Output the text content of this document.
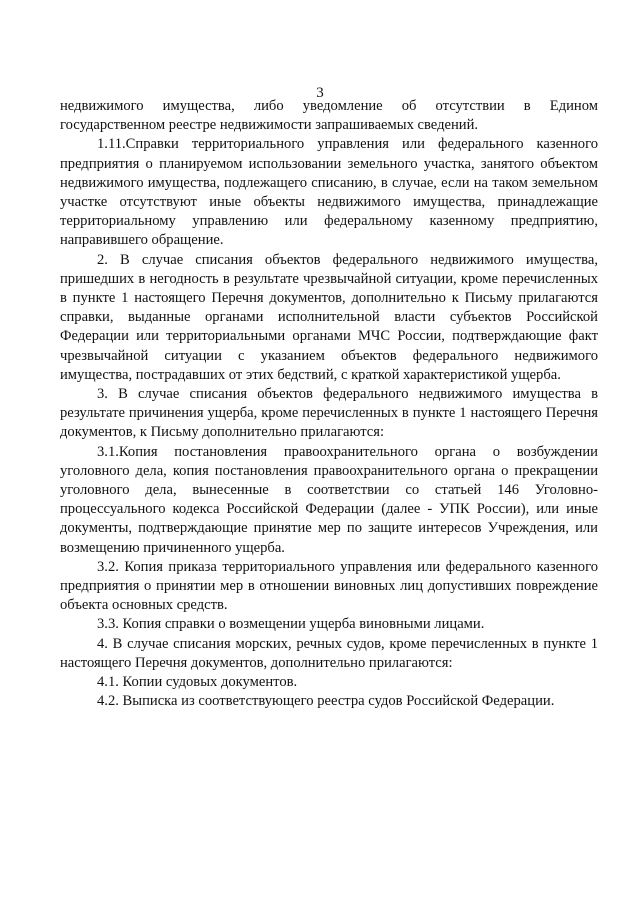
3

недвижимого имущества, либо уведомление об отсутствии в Едином государственном реестре недвижимости запрашиваемых сведений.

1.11.Справки территориального управления или федерального казенного предприятия о планируемом использовании земельного участка, занятого объектом недвижимого имущества, подлежащего списанию, в случае, если на таком земельном участке отсутствуют иные объекты недвижимого имущества, принадлежащие территориальному управлению или федеральному казенному предприятию, направившего обращение.

2. В случае списания объектов федерального недвижимого имущества, пришедших в негодность в результате чрезвычайной ситуации, кроме перечисленных в пункте 1 настоящего Перечня документов, дополнительно к Письму прилагаются справки, выданные органами исполнительной власти субъектов Российской Федерации или территориальными органами МЧС России, подтверждающие факт чрезвычайной ситуации с указанием объектов федерального недвижимого имущества, пострадавших от этих бедствий, с краткой характеристикой ущерба.

3. В случае списания объектов федерального недвижимого имущества в результате причинения ущерба, кроме перечисленных в пункте 1 настоящего Перечня документов, к Письму дополнительно прилагаются:

3.1.Копия постановления правоохранительного органа о возбуждении уголовного дела, копия постановления правоохранительного органа о прекращении уголовного дела, вынесенные в соответствии со статьей 146 Уголовно-процессуального кодекса Российской Федерации (далее - УПК России), или иные документы, подтверждающие принятие мер по защите интересов Учреждения, или возмещению причиненного ущерба.

3.2. Копия приказа территориального управления или федерального казенного предприятия о принятии мер в отношении виновных лиц допустивших повреждение объекта основных средств.

3.3. Копия справки о возмещении ущерба виновными лицами.

4. В случае списания морских, речных судов, кроме перечисленных в пункте 1 настоящего Перечня документов, дополнительно прилагаются:

4.1. Копии судовых документов.

4.2. Выписка из соответствующего реестра судов Российской Федерации.
